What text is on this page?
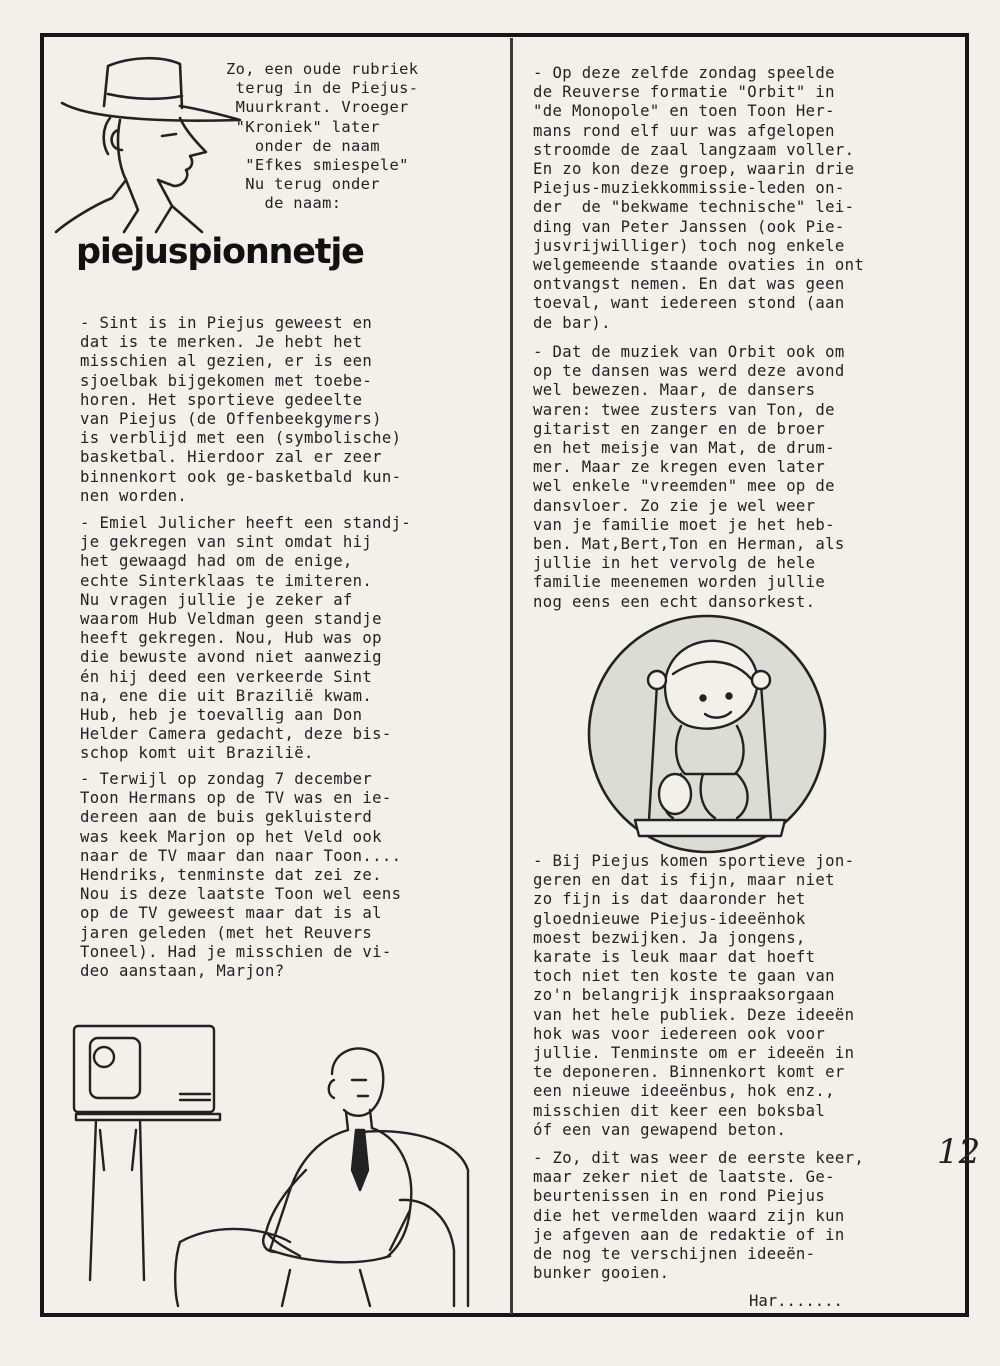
piejuspionnetje

Zo, een oude rubriek
terug in de Piejus-
Muurkrant. Vroeger
"Kroniek" later
onder de naam
"Efkes smiespele"
Nu terug onder
de naam:

- Sint is in Piejus geweest en
dat is te merken. Je hebt het
misschien al gezien, er is een
sjoelbak bijgekomen met toebe-
horen. Het sportieve gedeelte
van Piejus (de Offenbeekgymers)
is verblijd met een (symbolische)
basketbal. Hierdoor zal er zeer
binnenkort ook ge-basketbald kun-
nen worden.

- Emiel Julicher heeft een standj-
je gekregen van sint omdat hij
het gewaagd had om de enige,
echte Sinterklaas te imiteren.
Nu vragen jullie je zeker af
waarom Hub Veldman geen standje
heeft gekregen. Nou, Hub was op
die bewuste avond niet aanwezig
én hij deed een verkeerde Sint
na, ene die uit Brazilië kwam.
Hub, heb je toevallig aan Don
Helder Camera gedacht, deze bis-
schop komt uit Brazilië.

- Terwijl op zondag 7 december
Toon Hermans op de TV was en ie-
dereen aan de buis gekluisterd
was keek Marjon op het Veld ook
naar de TV maar dan naar Toon....
Hendriks, tenminste dat zei ze.
Nou is deze laatste Toon wel eens
op de TV geweest maar dat is al
jaren geleden (met het Reuvers
Toneel). Had je misschien de vi-
deo aanstaan, Marjon?

- Op deze zelfde zondag speelde
de Reuverse formatie "Orbit" in
"de Monopole" en toen Toon Her-
mans rond elf uur was afgelopen
stroomde de zaal langzaam voller.
En zo kon deze groep, waarin drie
Piejus-muziekkommissie-leden on-
der  de "bekwame technische" lei-
ding van Peter Janssen (ook Pie-
jusvrijwilliger) toch nog enkele
welgemeende staande ovaties in ont
ontvangst nemen. En dat was geen
toeval, want iedereen stond (aan
de bar).

- Dat de muziek van Orbit ook om
op te dansen was werd deze avond
wel bewezen. Maar, de dansers
waren: twee zusters van Ton, de
gitarist en zanger en de broer
en het meisje van Mat, de drum-
mer. Maar ze kregen even later
wel enkele "vreemden" mee op de
dansvloer. Zo zie je wel weer
van je familie moet je het heb-
ben. Mat,Bert,Ton en Herman, als
jullie in het vervolg de hele
familie meenemen worden jullie
nog eens een echt dansorkest.

- Bij Piejus komen sportieve jon-
geren en dat is fijn, maar niet
zo fijn is dat daaronder het
gloednieuwe Piejus-ideeënhok
moest bezwijken. Ja jongens,
karate is leuk maar dat hoeft
toch niet ten koste te gaan van
zo'n belangrijk inspraaksorgaan
van het hele publiek. Deze ideeën
hok was voor iedereen ook voor
jullie. Tenminste om er ideeën in
te deponeren. Binnenkort komt er
een nieuwe ideeënbus, hok enz.,
misschien dit keer een boksbal
óf een van gewapend beton.

- Zo, dit was weer de eerste keer,
maar zeker niet de laatste. Ge-
beurtenissen in en rond Piejus
die het vermelden waard zijn kun
je afgeven aan de redaktie of in
de nog te verschijnen ideeën-
bunker gooien.

Har.......
12
